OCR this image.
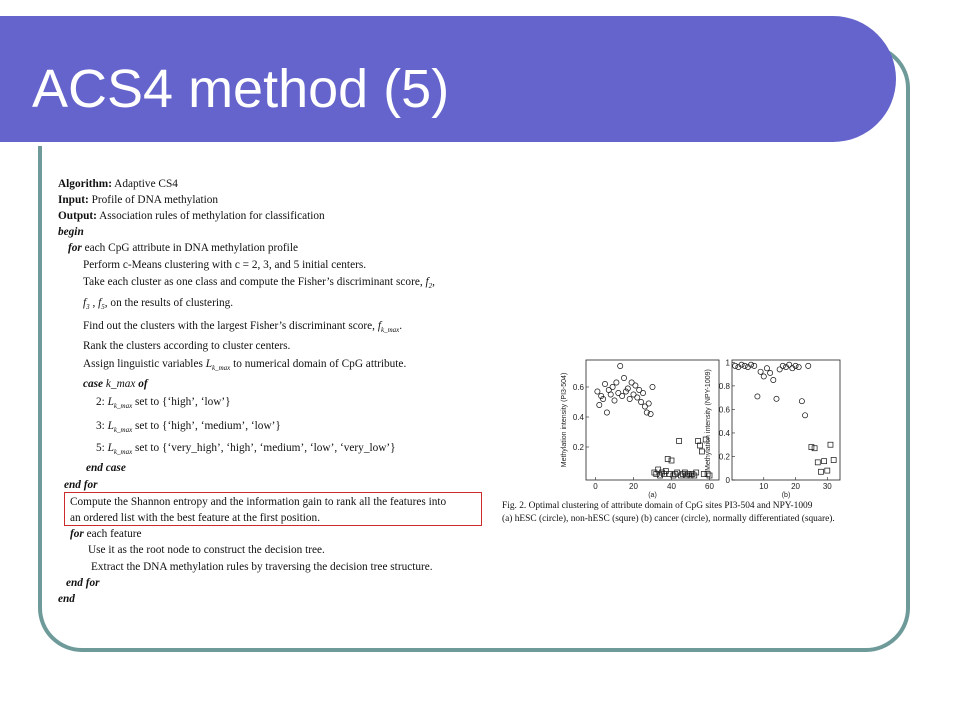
ACS4 method (5)
Algorithm: Adaptive CS4
Input: Profile of DNA methylation
Output: Association rules of methylation for classification
begin
for each CpG attribute in DNA methylation profile
Perform c-Means clustering with c = 2, 3, and 5 initial centers.
Take each cluster as one class and compute the Fisher’s discriminant score, $f_2$,
$f_3$ , $f_5$, on the results of clustering.
Find out the clusters with the largest Fisher’s discriminant score, $f_{k\_max}$.
Rank the clusters according to cluster centers.
Assign linguistic variables $L_{k\_max}$ to numerical domain of CpG attribute.
case k_max of
2: $L_{k\_max}$ set to {‘high’, ‘low’}
3: $L_{k\_max}$ set to {‘high’, ‘medium’, ‘low’}
5: $L_{k\_max}$ set to {‘very_high’, ‘high’, ‘medium’, ‘low’, ‘very_low’}
end case
end for
Compute the Shannon entropy and the information gain to rank all the features into
an ordered list with the best feature at the first position.
for each feature
Use it as the root node to construct the decision tree.
Extract the DNA methylation rules by traversing the decision tree structure.
end for
end
0	20	40	60
0.2
0.4
0.6
Methylation intensity (PI3-504)
(a)
10	20	30
0
0.2
0.4
0.6
0.8
1
Methylation intensity (NPY-1009)
(b)
Fig. 2. Optimal clustering of attribute domain of CpG sites PI3-504 and NPY-1009
(a) hESC (circle), non-hESC (squre) (b) cancer (circle), normally differentiated (square).
